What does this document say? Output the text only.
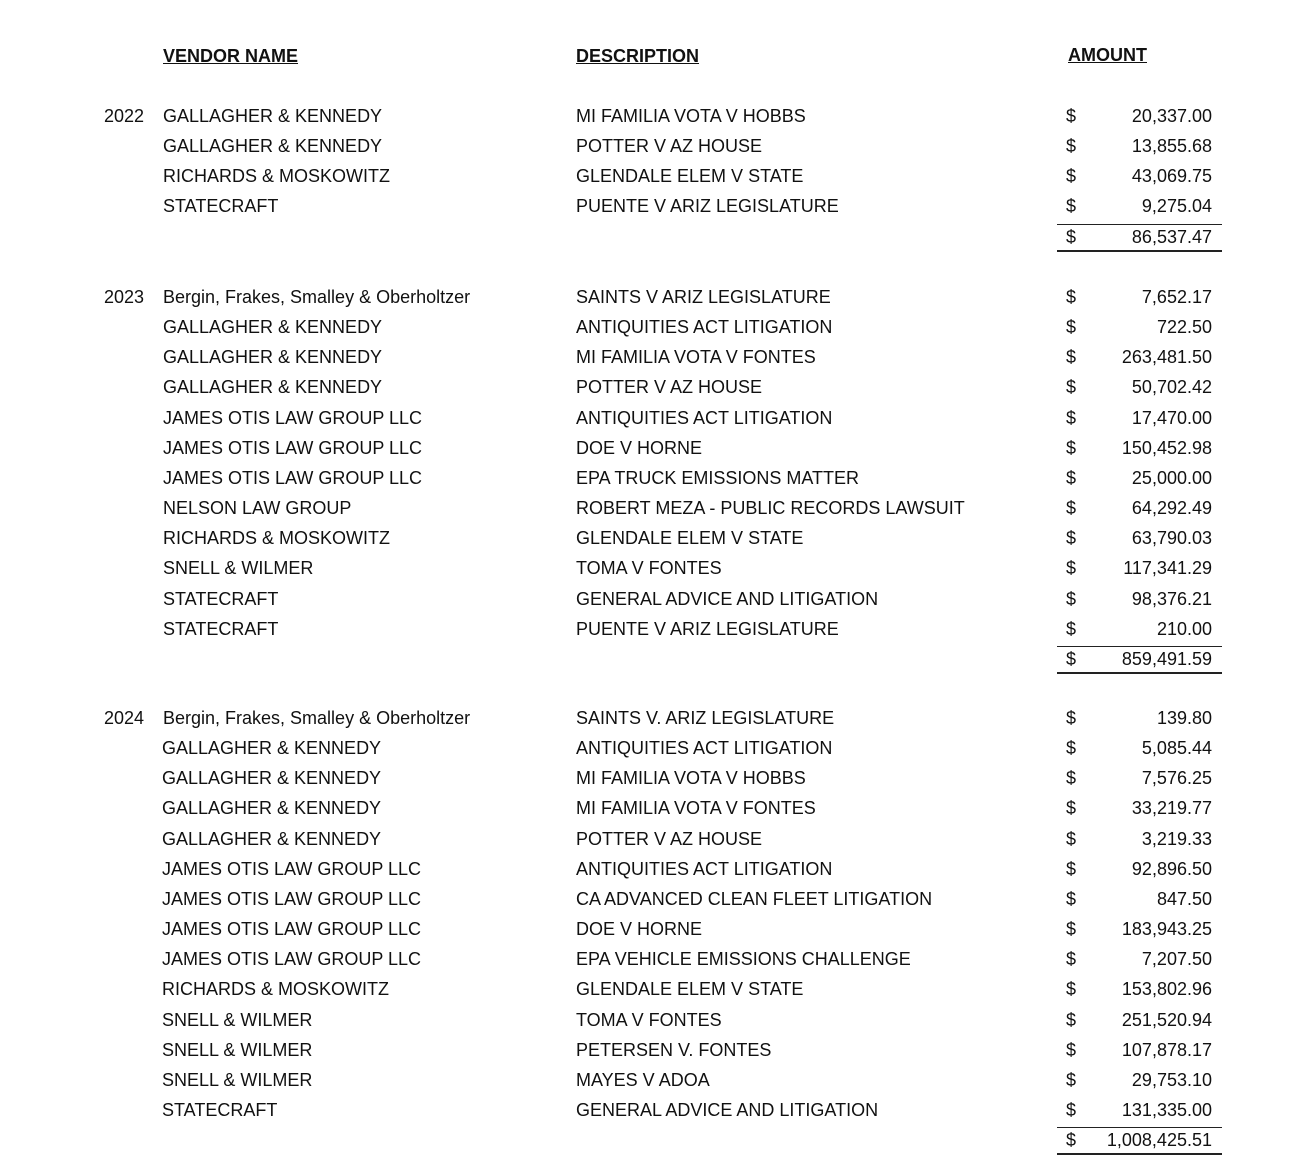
VENDOR NAME	DESCRIPTION	AMOUNT
2022 GALLAGHER & KENNEDY	MI FAMILIA VOTA V HOBBS	$	20,337.00
GALLAGHER & KENNEDY	POTTER V AZ HOUSE	$	13,855.68
RICHARDS & MOSKOWITZ	GLENDALE ELEM V STATE	$	43,069.75
STATECRAFT	PUENTE V ARIZ LEGISLATURE	$	9,275.04
$	86,537.47
2023 Bergin, Frakes, Smalley & Oberholtzer	SAINTS V ARIZ LEGISLATURE	$	7,652.17
GALLAGHER & KENNEDY	ANTIQUITIES ACT LITIGATION	$	722.50
GALLAGHER & KENNEDY	MI FAMILIA VOTA V FONTES	$	263,481.50
GALLAGHER & KENNEDY	POTTER V AZ HOUSE	$	50,702.42
JAMES OTIS LAW GROUP LLC	ANTIQUITIES ACT LITIGATION	$	17,470.00
JAMES OTIS LAW GROUP LLC	DOE V HORNE	$	150,452.98
JAMES OTIS LAW GROUP LLC	EPA TRUCK EMISSIONS MATTER	$	25,000.00
NELSON LAW GROUP	ROBERT MEZA - PUBLIC RECORDS LAWSUIT	$	64,292.49
RICHARDS & MOSKOWITZ	GLENDALE ELEM V STATE	$	63,790.03
SNELL & WILMER	TOMA V FONTES	$	117,341.29
STATECRAFT	GENERAL ADVICE AND LITIGATION	$	98,376.21
STATECRAFT	PUENTE V ARIZ LEGISLATURE	$	210.00
$	859,491.59
2024 Bergin, Frakes, Smalley & Oberholtzer	SAINTS V. ARIZ LEGISLATURE	$	139.80
GALLAGHER & KENNEDY	ANTIQUITIES ACT LITIGATION	$	5,085.44
GALLAGHER & KENNEDY	MI FAMILIA VOTA V HOBBS	$	7,576.25
GALLAGHER & KENNEDY	MI FAMILIA VOTA V FONTES	$	33,219.77
GALLAGHER & KENNEDY	POTTER V AZ HOUSE	$	3,219.33
JAMES OTIS LAW GROUP LLC	ANTIQUITIES ACT LITIGATION	$	92,896.50
JAMES OTIS LAW GROUP LLC	CA ADVANCED CLEAN FLEET LITIGATION	$	847.50
JAMES OTIS LAW GROUP LLC	DOE V HORNE	$	183,943.25
JAMES OTIS LAW GROUP LLC	EPA VEHICLE EMISSIONS CHALLENGE	$	7,207.50
RICHARDS & MOSKOWITZ	GLENDALE ELEM V STATE	$	153,802.96
SNELL & WILMER	TOMA V FONTES	$	251,520.94
SNELL & WILMER	PETERSEN V. FONTES	$	107,878.17
SNELL & WILMER	MAYES V ADOA	$	29,753.10
STATECRAFT	GENERAL ADVICE AND LITIGATION	$	131,335.00
$	1,008,425.51
